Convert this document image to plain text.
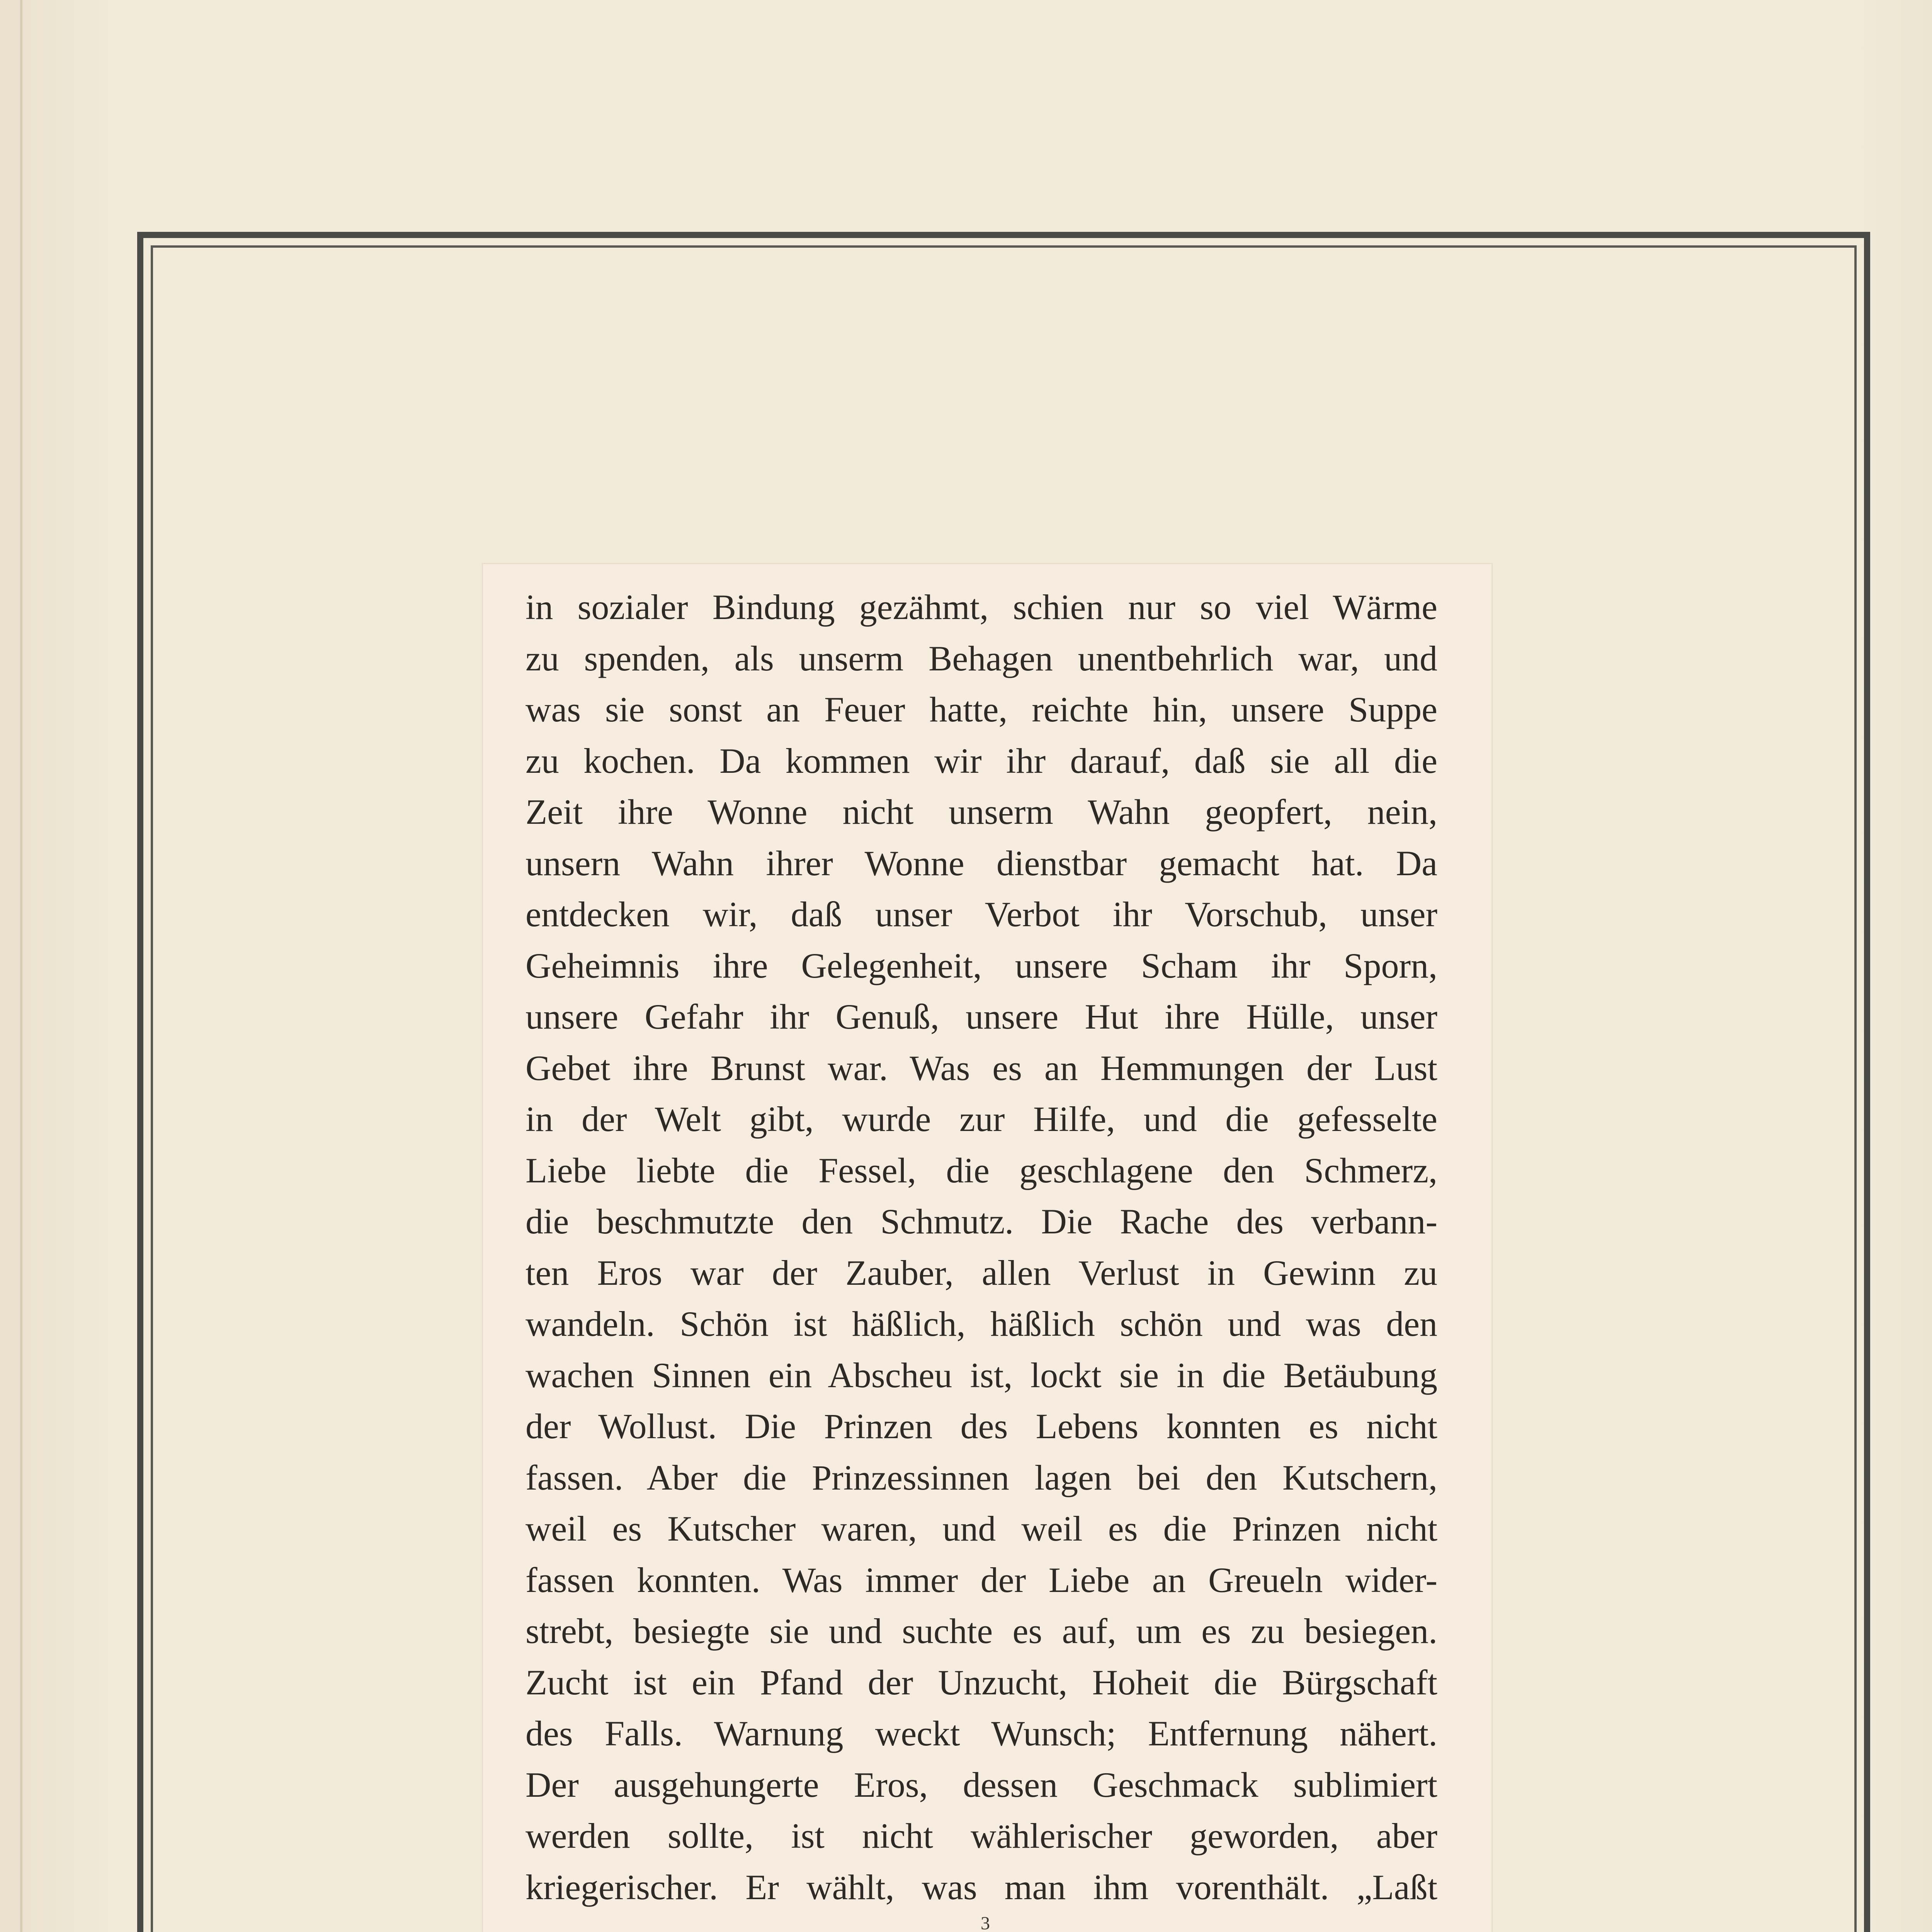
in sozialer Bindung gezähmt, schien nur so viel Wärme
zu spenden, als unserm Behagen unentbehrlich war, und
was sie sonst an Feuer hatte, reichte hin, unsere Suppe
zu kochen. Da kommen wir ihr darauf, daß sie all die
Zeit ihre Wonne nicht unserm Wahn geopfert, nein,
unsern Wahn ihrer Wonne dienstbar gemacht hat. Da
entdecken wir, daß unser Verbot ihr Vorschub, unser
Geheimnis ihre Gelegenheit, unsere Scham ihr Sporn,
unsere Gefahr ihr Genuß, unsere Hut ihre Hülle, unser
Gebet ihre Brunst war. Was es an Hemmungen der Lust
in der Welt gibt, wurde zur Hilfe, und die gefesselte
Liebe liebte die Fessel, die geschlagene den Schmerz,
die beschmutzte den Schmutz. Die Rache des verbann-
ten Eros war der Zauber, allen Verlust in Gewinn zu
wandeln. Schön ist häßlich, häßlich schön und was den
wachen Sinnen ein Abscheu ist, lockt sie in die Betäubung
der Wollust. Die Prinzen des Lebens konnten es nicht
fassen. Aber die Prinzessinnen lagen bei den Kutschern,
weil es Kutscher waren, und weil es die Prinzen nicht
fassen konnten. Was immer der Liebe an Greueln wider-
strebt, besiegte sie und suchte es auf, um es zu besiegen.
Zucht ist ein Pfand der Unzucht, Hoheit die Bürgschaft
des Falls. Warnung weckt Wunsch; Entfernung nähert.
Der ausgehungerte Eros, dessen Geschmack sublimiert
werden sollte, ist nicht wählerischer geworden, aber
kriegerischer. Er wählt, was man ihm vorenthält. „Laßt
3
